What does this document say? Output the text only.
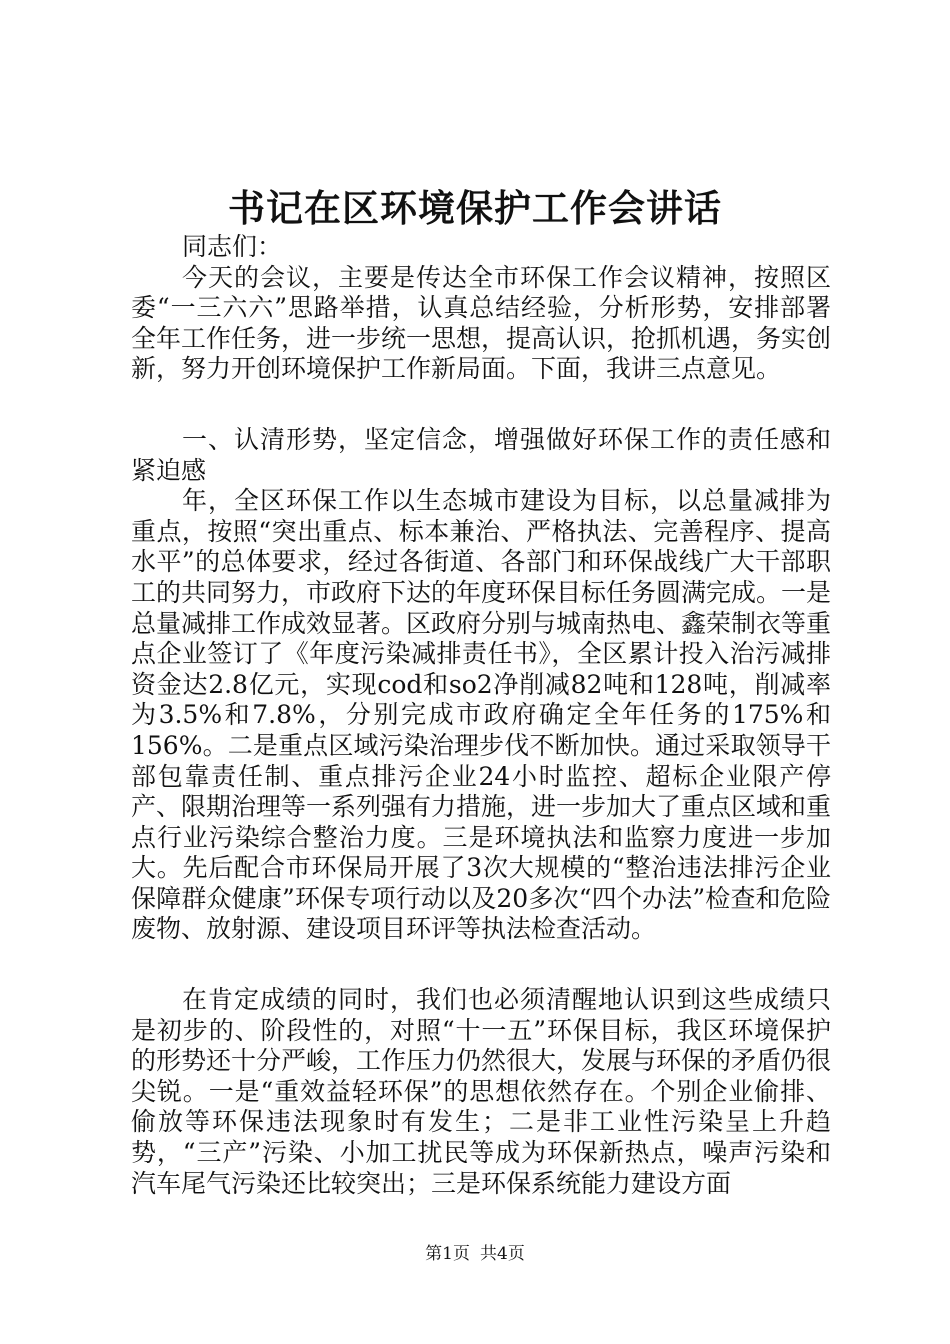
书记在区环境保护工作会讲话

同志们：

今天的会议，主要是传达全市环保工作会议精神，按照区委“一三六六”思路举措，认真总结经验，分析形势，安排部署全年工作任务，进一步统一思想，提高认识，抢抓机遇，务实创新，努力开创环境保护工作新局面。下面，我讲三点意见。

一、认清形势，坚定信念，增强做好环保工作的责任感和紧迫感

年，全区环保工作以生态城市建设为目标，以总量减排为重点，按照“突出重点、标本兼治、严格执法、完善程序、提高水平”的总体要求，经过各街道、各部门和环保战线广大干部职工的共同努力，市政府下达的年度环保目标任务圆满完成。一是总量减排工作成效显著。区政府分别与城南热电、鑫荣制衣等重点企业签订了《年度污染减排责任书》，全区累计投入治污减排资金达2.8亿元，实现cod和so2净削减82吨和128吨，削减率为3.5%和7.8%，分别完成市政府确定全年任务的175%和156%。二是重点区域污染治理步伐不断加快。通过采取领导干部包靠责任制、重点排污企业24小时监控、超标企业限产停产、限期治理等一系列强有力措施，进一步加大了重点区域和重点行业污染综合整治力度。三是环境执法和监察力度进一步加大。先后配合市环保局开展了3次大规模的“整治违法排污企业保障群众健康”环保专项行动以及20多次“四个办法”检查和危险废物、放射源、建设项目环评等执法检查活动。

在肯定成绩的同时，我们也必须清醒地认识到这些成绩只是初步的、阶段性的，对照“十一五”环保目标，我区环境保护的形势还十分严峻，工作压力仍然很大，发展与环保的矛盾仍很尖锐。一是“重效益轻环保”的思想依然存在。个别企业偷排、偷放等环保违法现象时有发生；二是非工业性污染呈上升趋势，“三产”污染、小加工扰民等成为环保新热点，噪声污染和汽车尾气污染还比较突出；三是环保系统能力建设方面

第1页 共4页
